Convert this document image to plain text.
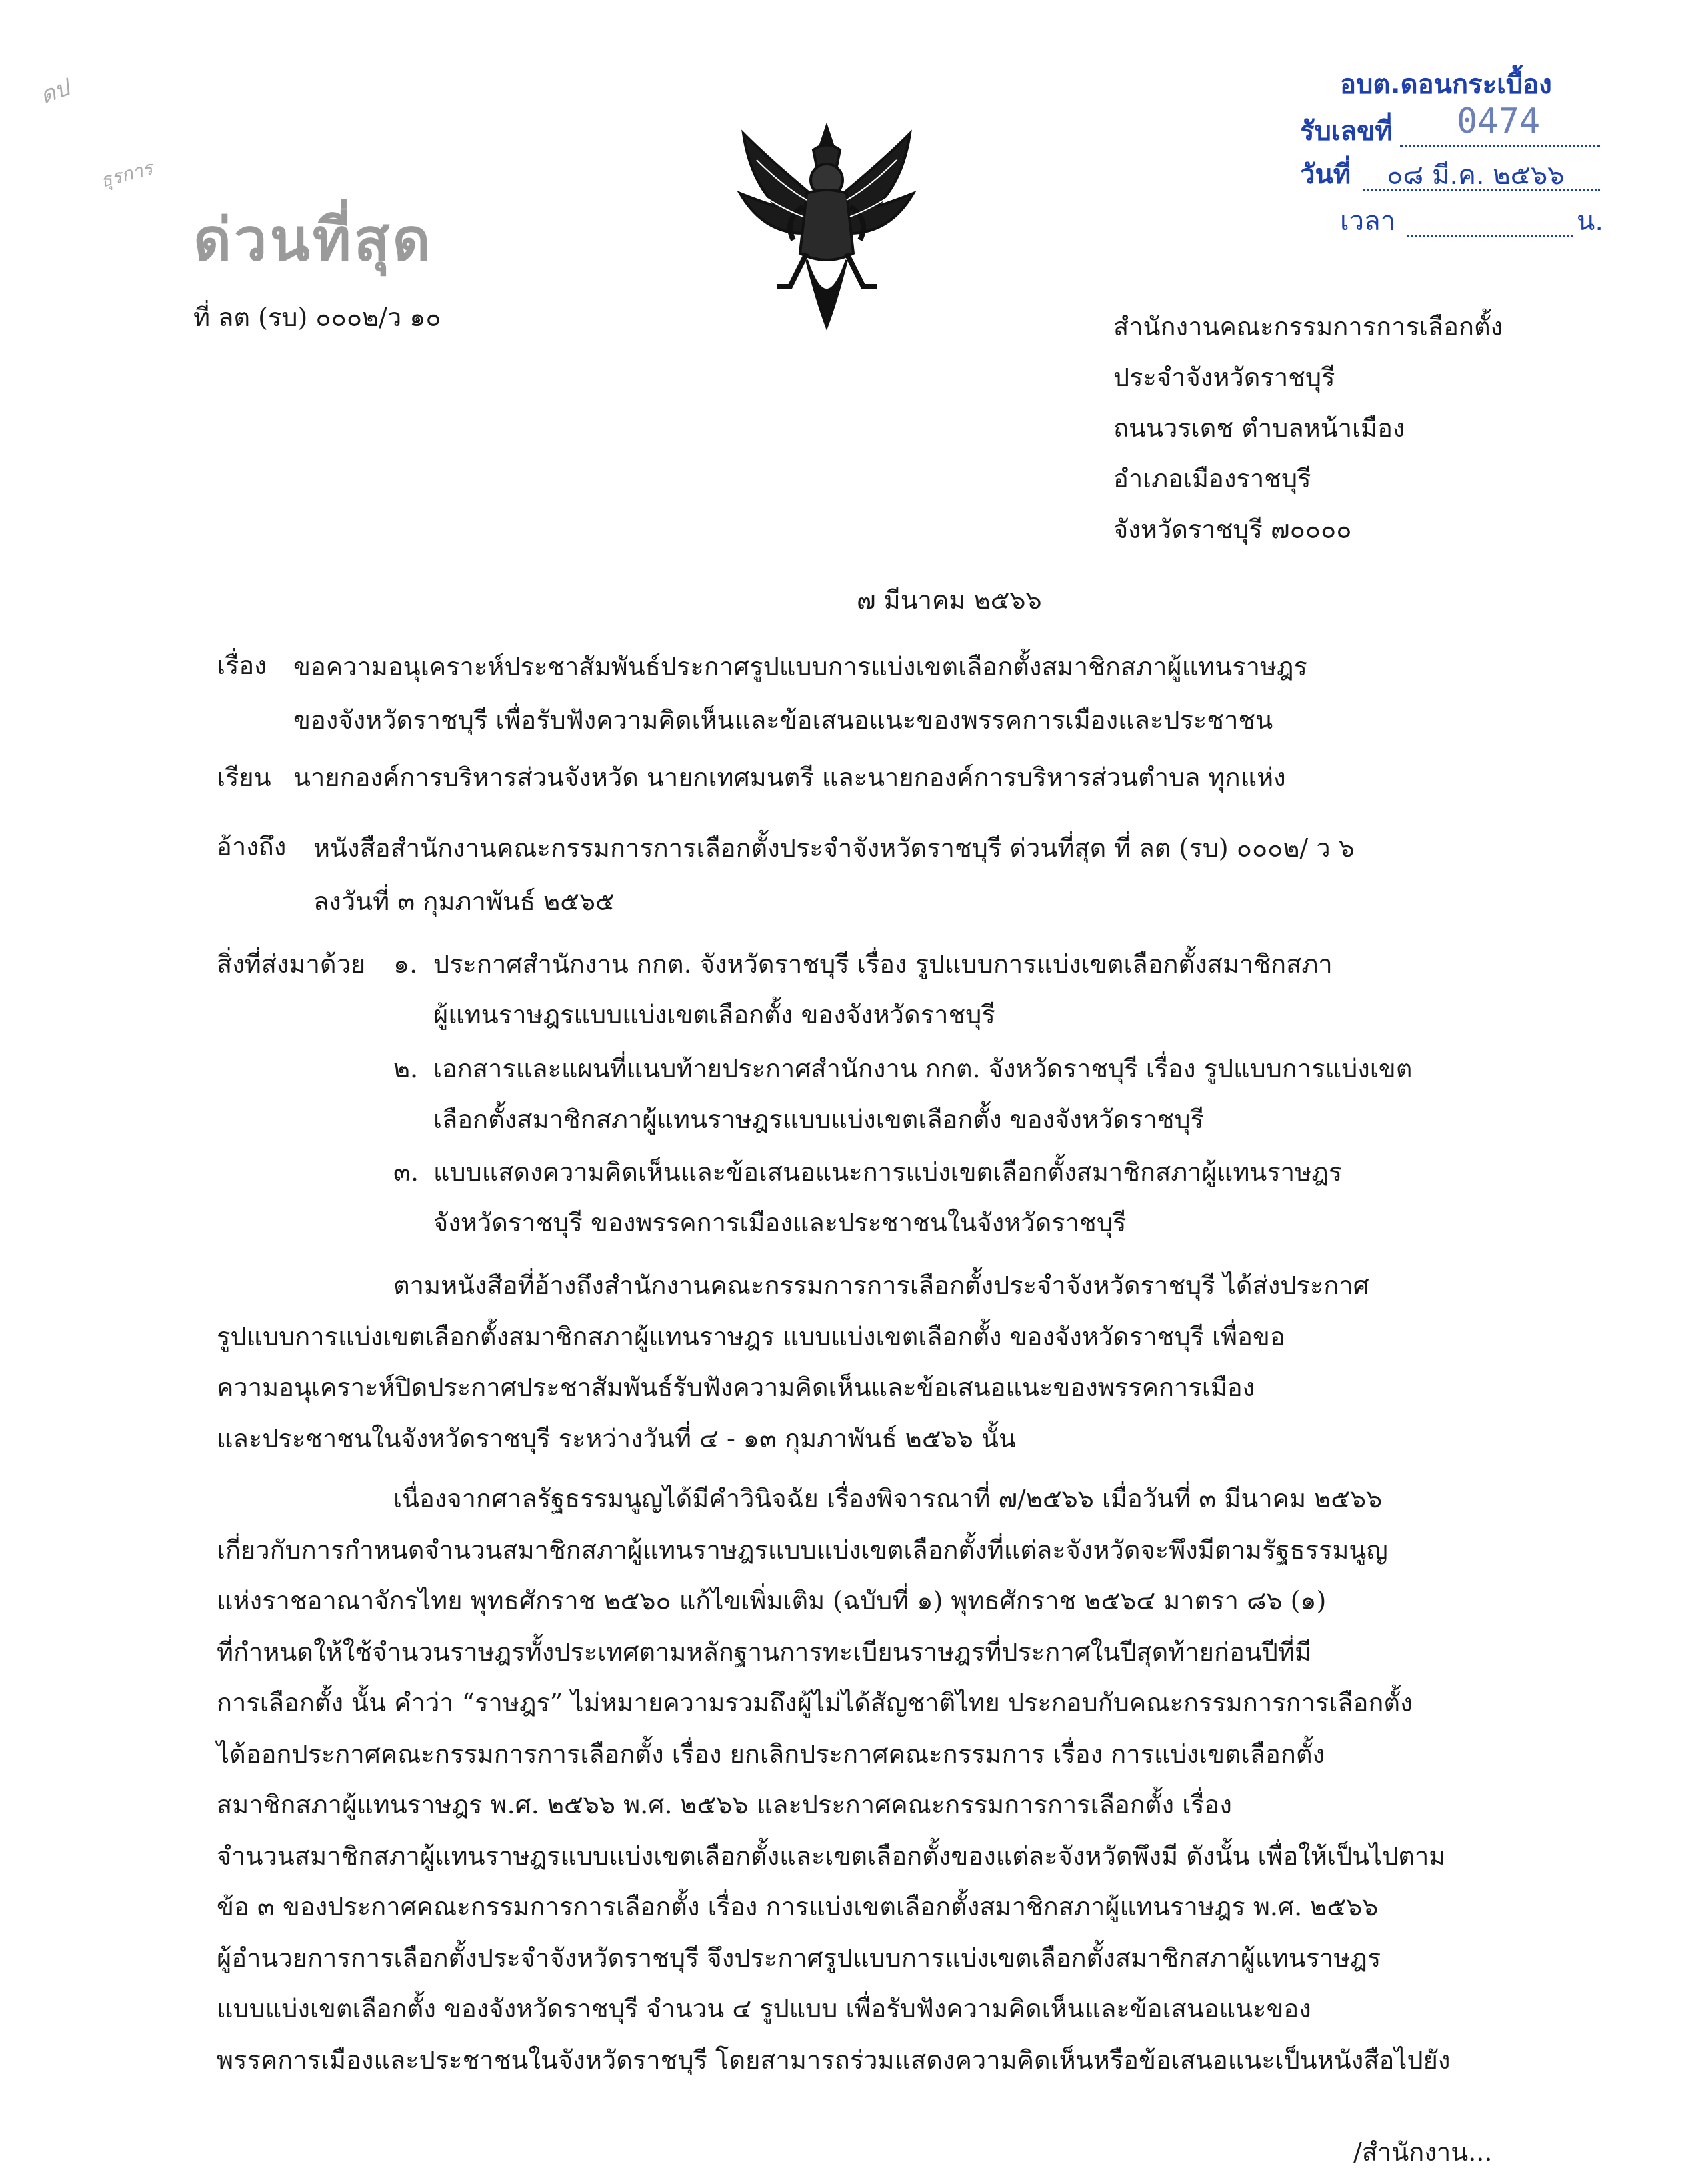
ดป
ธุรการ
ด่วนที่สุด
อบต.ดอนกระเบื้อง
รับเลขที่ 0474
วันที่ ๐๘ มี.ค. ๒๕๖๖
เวลา	น.
ที่ ลต (รบ) ๐๐๐๒/ว ๑๐	สำนักงานคณะกรรมการการเลือกตั้ง
ประจำจังหวัดราชบุรี
ถนนวรเดช ตำบลหน้าเมือง
อำเภอเมืองราชบุรี
จังหวัดราชบุรี ๗๐๐๐๐
๗ มีนาคม ๒๕๖๖
เรื่อง ขอความอนุเคราะห์ประชาสัมพันธ์ประกาศรูปแบบการแบ่งเขตเลือกตั้งสมาชิกสภาผู้แทนราษฎร
ของจังหวัดราชบุรี เพื่อรับฟังความคิดเห็นและข้อเสนอแนะของพรรคการเมืองและประชาชน
เรียน นายกองค์การบริหารส่วนจังหวัด นายกเทศมนตรี และนายกองค์การบริหารส่วนตำบล ทุกแห่ง
อ้างถึง หนังสือสำนักงานคณะกรรมการการเลือกตั้งประจำจังหวัดราชบุรี ด่วนที่สุด ที่ ลต (รบ) ๐๐๐๒/ ว ๖
ลงวันที่ ๓ กุมภาพันธ์ ๒๕๖๕
สิ่งที่ส่งมาด้วย ๑. ประกาศสำนักงาน กกต. จังหวัดราชบุรี เรื่อง รูปแบบการแบ่งเขตเลือกตั้งสมาชิกสภา
ผู้แทนราษฎรแบบแบ่งเขตเลือกตั้ง ของจังหวัดราชบุรี
๒. เอกสารและแผนที่แนบท้ายประกาศสำนักงาน กกต. จังหวัดราชบุรี เรื่อง รูปแบบการแบ่งเขต
เลือกตั้งสมาชิกสภาผู้แทนราษฎรแบบแบ่งเขตเลือกตั้ง ของจังหวัดราชบุรี
๓. แบบแสดงความคิดเห็นและข้อเสนอแนะการแบ่งเขตเลือกตั้งสมาชิกสภาผู้แทนราษฎร
จังหวัดราชบุรี ของพรรคการเมืองและประชาชนในจังหวัดราชบุรี
ตามหนังสือที่อ้างถึงสำนักงานคณะกรรมการการเลือกตั้งประจำจังหวัดราชบุรี ได้ส่งประกาศ
รูปแบบการแบ่งเขตเลือกตั้งสมาชิกสภาผู้แทนราษฎร แบบแบ่งเขตเลือกตั้ง ของจังหวัดราชบุรี เพื่อขอ
ความอนุเคราะห์ปิดประกาศประชาสัมพันธ์รับฟังความคิดเห็นและข้อเสนอแนะของพรรคการเมือง
และประชาชนในจังหวัดราชบุรี ระหว่างวันที่ ๔ - ๑๓ กุมภาพันธ์ ๒๕๖๖ นั้น
เนื่องจากศาลรัฐธรรมนูญได้มีคำวินิจฉัย เรื่องพิจารณาที่ ๗/๒๕๖๖ เมื่อวันที่ ๓ มีนาคม ๒๕๖๖
เกี่ยวกับการกำหนดจำนวนสมาชิกสภาผู้แทนราษฎรแบบแบ่งเขตเลือกตั้งที่แต่ละจังหวัดจะพึงมีตามรัฐธรรมนูญ
แห่งราชอาณาจักรไทย พุทธศักราช ๒๕๖๐ แก้ไขเพิ่มเติม (ฉบับที่ ๑) พุทธศักราช ๒๕๖๔ มาตรา ๘๖ (๑)
ที่กำหนดให้ใช้จำนวนราษฎรทั้งประเทศตามหลักฐานการทะเบียนราษฎรที่ประกาศในปีสุดท้ายก่อนปีที่มี
การเลือกตั้ง นั้น คำว่า “ราษฎร” ไม่หมายความรวมถึงผู้ไม่ได้สัญชาติไทย ประกอบกับคณะกรรมการการเลือกตั้ง
ได้ออกประกาศคณะกรรมการการเลือกตั้ง เรื่อง ยกเลิกประกาศคณะกรรมการ เรื่อง การแบ่งเขตเลือกตั้ง
สมาชิกสภาผู้แทนราษฎร พ.ศ. ๒๕๖๖ พ.ศ. ๒๕๖๖ และประกาศคณะกรรมการการเลือกตั้ง เรื่อง
จำนวนสมาชิกสภาผู้แทนราษฎรแบบแบ่งเขตเลือกตั้งและเขตเลือกตั้งของแต่ละจังหวัดพึงมี ดังนั้น เพื่อให้เป็นไปตาม
ข้อ ๓ ของประกาศคณะกรรมการการเลือกตั้ง เรื่อง การแบ่งเขตเลือกตั้งสมาชิกสภาผู้แทนราษฎร พ.ศ. ๒๕๖๖
ผู้อำนวยการการเลือกตั้งประจำจังหวัดราชบุรี จึงประกาศรูปแบบการแบ่งเขตเลือกตั้งสมาชิกสภาผู้แทนราษฎร
แบบแบ่งเขตเลือกตั้ง ของจังหวัดราชบุรี จำนวน ๔ รูปแบบ เพื่อรับฟังความคิดเห็นและข้อเสนอแนะของ
พรรคการเมืองและประชาชนในจังหวัดราชบุรี โดยสามารถร่วมแสดงความคิดเห็นหรือข้อเสนอแนะเป็นหนังสือไปยัง
/สำนักงาน...
